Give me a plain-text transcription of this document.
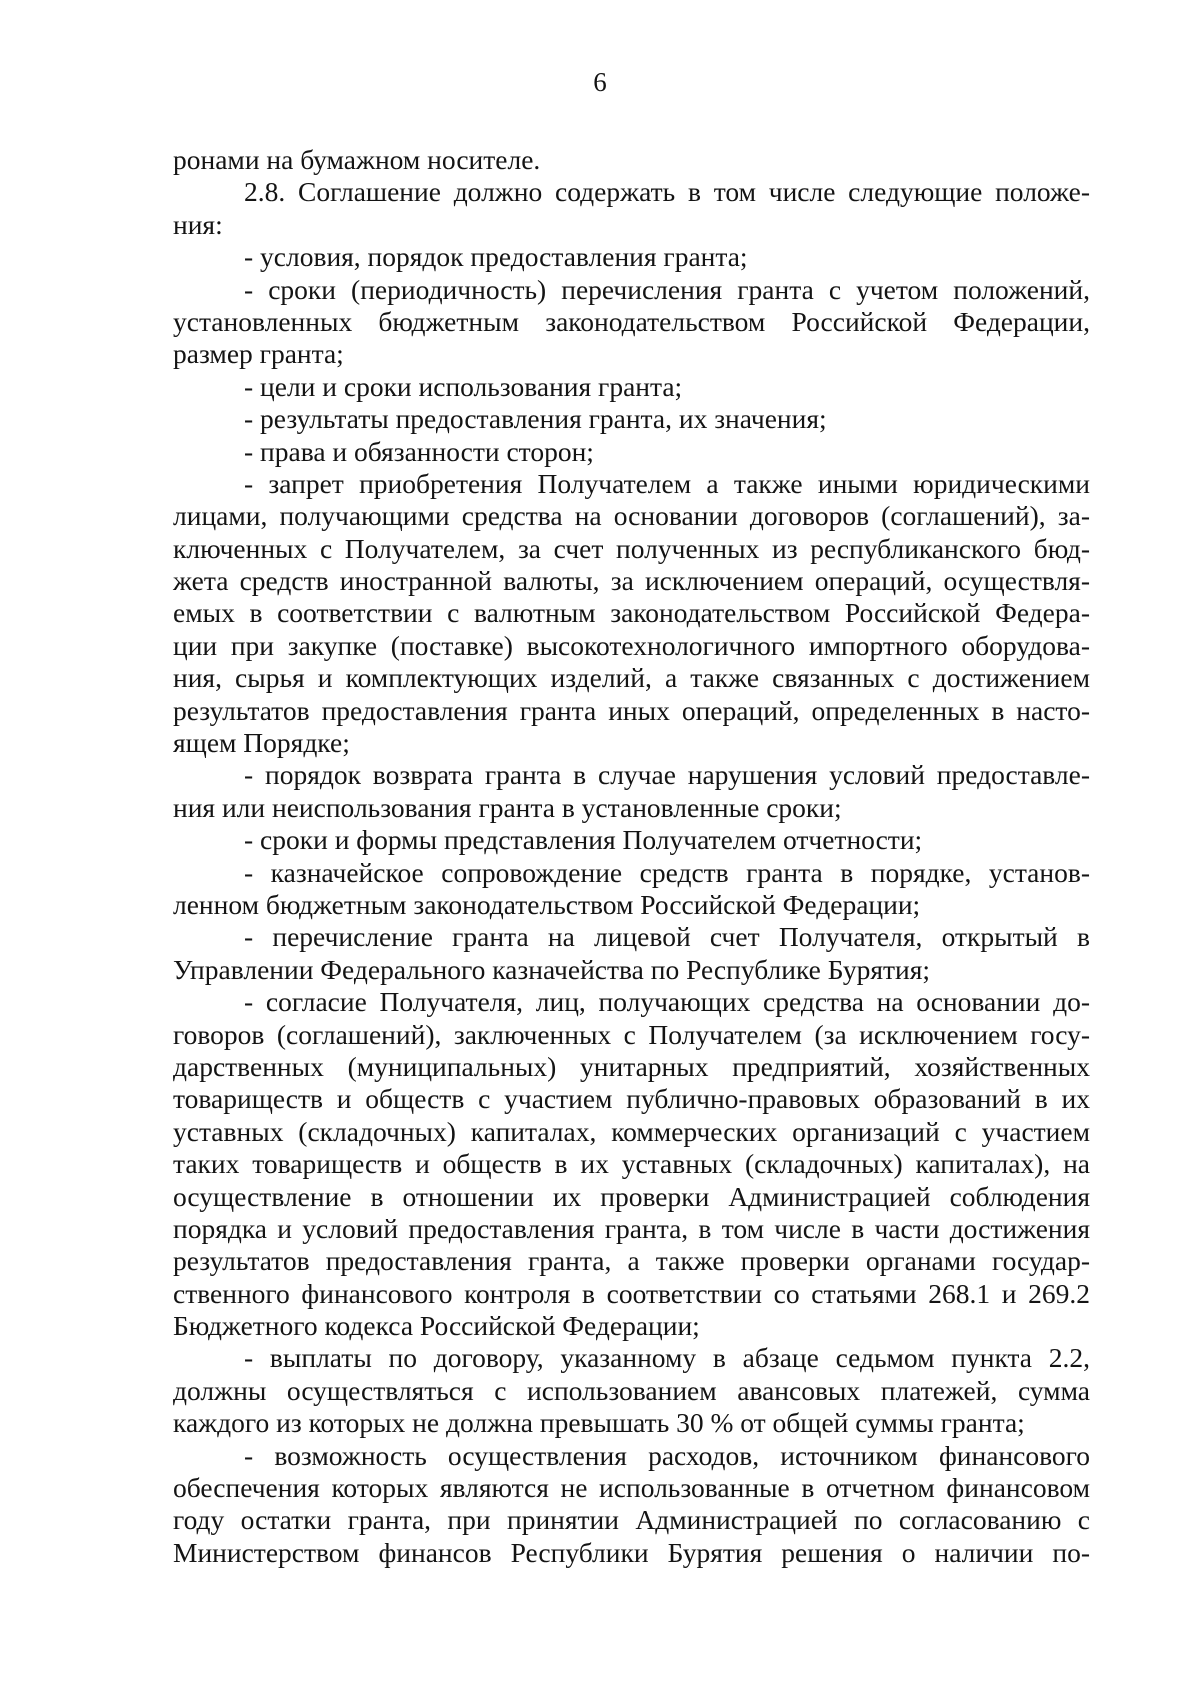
6
ронами на бумажном носителе.
2.8. Соглашение должно содержать в том числе следующие положе-
ния:
- условия, порядок предоставления гранта;
- сроки (периодичность) перечисления гранта с учетом положений,
установленных бюджетным законодательством Российской Федерации,
размер гранта;
- цели и сроки использования гранта;
- результаты предоставления гранта, их значения;
- права и обязанности сторон;
- запрет приобретения Получателем а также иными юридическими
лицами, получающими средства на основании договоров (соглашений), за-
ключенных с Получателем, за счет полученных из республиканского бюд-
жета средств иностранной валюты, за исключением операций, осуществля-
емых в соответствии с валютным законодательством Российской Федера-
ции при закупке (поставке) высокотехнологичного импортного оборудова-
ния, сырья и комплектующих изделий, а также связанных с достижением
результатов предоставления гранта иных операций, определенных в насто-
ящем Порядке;
- порядок возврата гранта в случае нарушения условий предоставле-
ния или неиспользования гранта в установленные сроки;
- сроки и формы представления Получателем отчетности;
- казначейское сопровождение средств гранта в порядке, установ-
ленном бюджетным законодательством Российской Федерации;
- перечисление гранта на лицевой счет Получателя, открытый в
Управлении Федерального казначейства по Республике Бурятия;
- согласие Получателя, лиц, получающих средства на основании до-
говоров (соглашений), заключенных с Получателем (за исключением госу-
дарственных (муниципальных) унитарных предприятий, хозяйственных
товариществ и обществ с участием публично-правовых образований в их
уставных (складочных) капиталах, коммерческих организаций с участием
таких товариществ и обществ в их уставных (складочных) капиталах), на
осуществление в отношении их проверки Администрацией соблюдения
порядка и условий предоставления гранта, в том числе в части достижения
результатов предоставления гранта, а также проверки органами государ-
ственного финансового контроля в соответствии со статьями 268.1 и 269.2
Бюджетного кодекса Российской Федерации;
- выплаты по договору, указанному в абзаце седьмом пункта 2.2,
должны осуществляться с использованием авансовых платежей, сумма
каждого из которых не должна превышать 30 % от общей суммы гранта;
- возможность осуществления расходов, источником финансового
обеспечения которых являются не использованные в отчетном финансовом
году остатки гранта, при принятии Администрацией по согласованию с
Министерством финансов Республики Бурятия решения о наличии по-
